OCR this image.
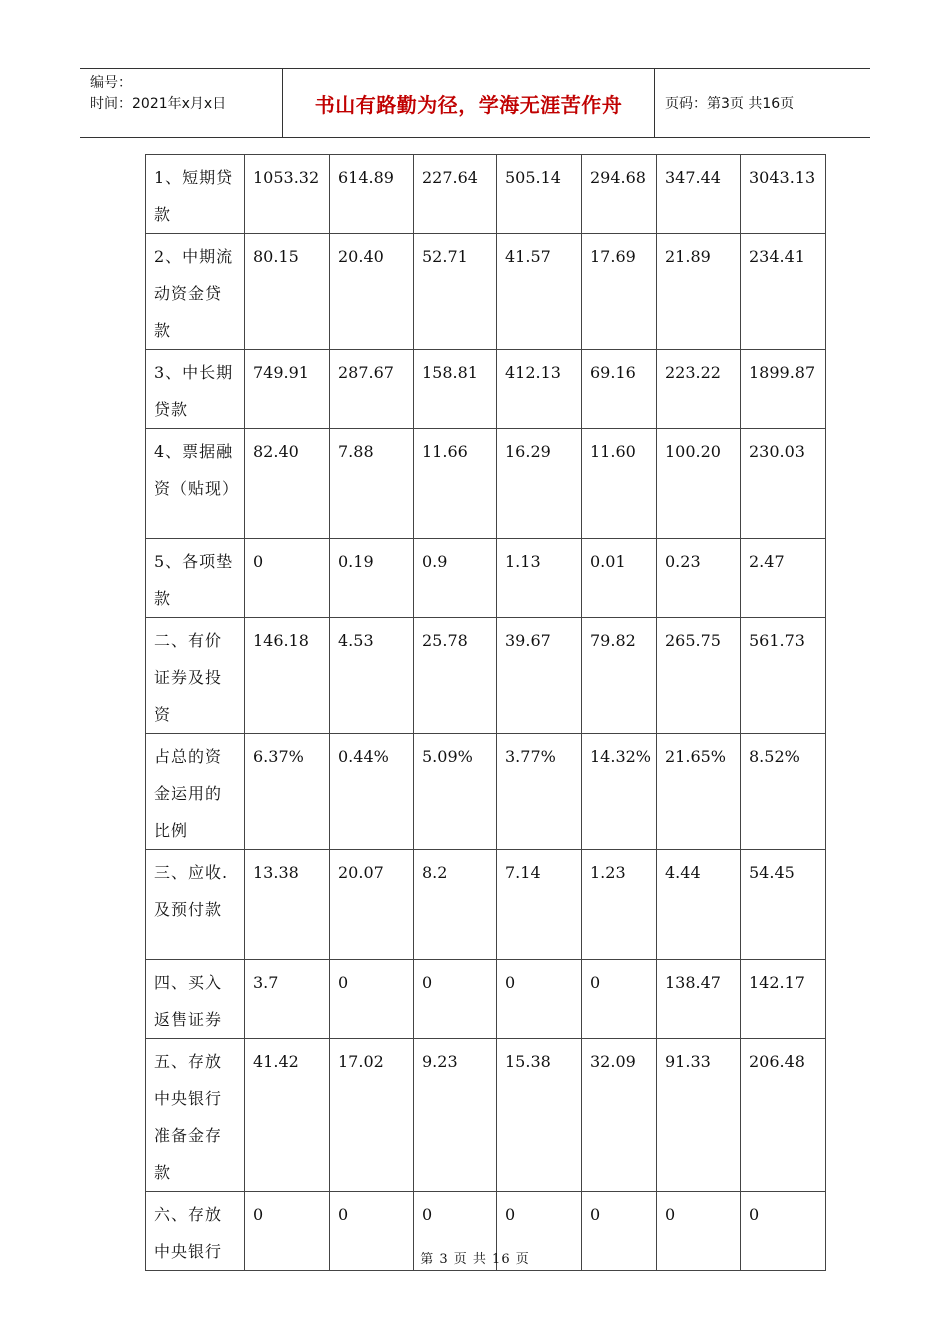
编号：
时间：2021年x月x日	书山有路勤为径，学海无涯苦作舟	页码：第3页 共16页
1、短期贷款	1053.32	614.89	227.64	505.14	294.68	347.44	3043.13
2、中期流动资金贷款	80.15	20.40	52.71	41.57	17.69	21.89	234.41
3、中长期贷款	749.91	287.67	158.81	412.13	69.16	223.22	1899.87
4、票据融资（贴现）	82.40	7.88	11.66	16.29	11.60	100.20	230.03
5、各项垫款	0	0.19	0.9	1.13	0.01	0.23	2.47
二、有价证券及投资	146.18	4.53	25.78	39.67	79.82	265.75	561.73
占总的资金运用的比例	6.37%	0.44%	5.09%	3.77%	14.32%	21.65%	8.52%
三、应收.及预付款	13.38	20.07	8.2	7.14	1.23	4.44	54.45
四、买入返售证券	3.7	0	0	0	0	138.47	142.17
五、存放中央银行准备金存款	41.42	17.02	9.23	15.38	32.09	91.33	206.48
六、存放中央银行	0	0	0	0	0	0	0
第 3 页 共 16 页
